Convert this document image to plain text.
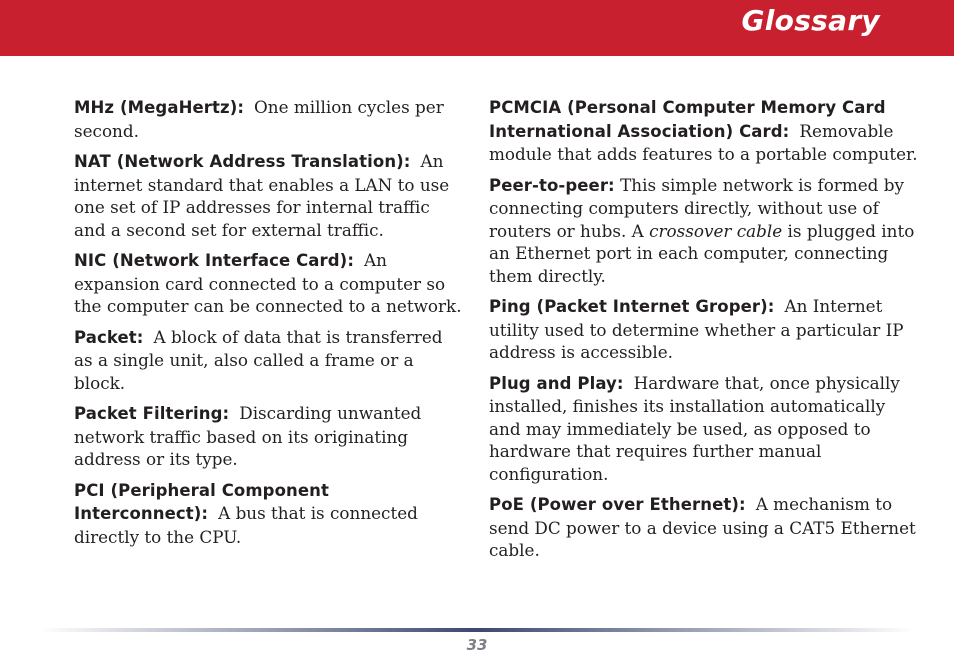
Glossary

MHz (MegaHertz): One million cycles per second.

NAT (Network Address Translation): An internet standard that enables a LAN to use one set of IP addresses for internal traffic and a second set for external traffic.

NIC (Network Interface Card): An expansion card connected to a computer so the computer can be connected to a network.

Packet: A block of data that is transferred as a single unit, also called a frame or a block.

Packet Filtering: Discarding unwanted network traffic based on its originating address or its type.

PCI (Peripheral Component Interconnect): A bus that is connected directly to the CPU.

PCMCIA (Personal Computer Memory Card International Association) Card: Removable module that adds features to a portable computer.

Peer-to-peer: This simple network is formed by connecting computers directly, without use of routers or hubs. A crossover cable is plugged into an Ethernet port in each computer, connecting them directly.

Ping (Packet Internet Groper): An Internet utility used to determine whether a particular IP address is accessible.

Plug and Play: Hardware that, once physically installed, finishes its installation automatically and may immediately be used, as opposed to hardware that requires further manual configuration.

PoE (Power over Ethernet): A mechanism to send DC power to a device using a CAT5 Ethernet cable.

33
